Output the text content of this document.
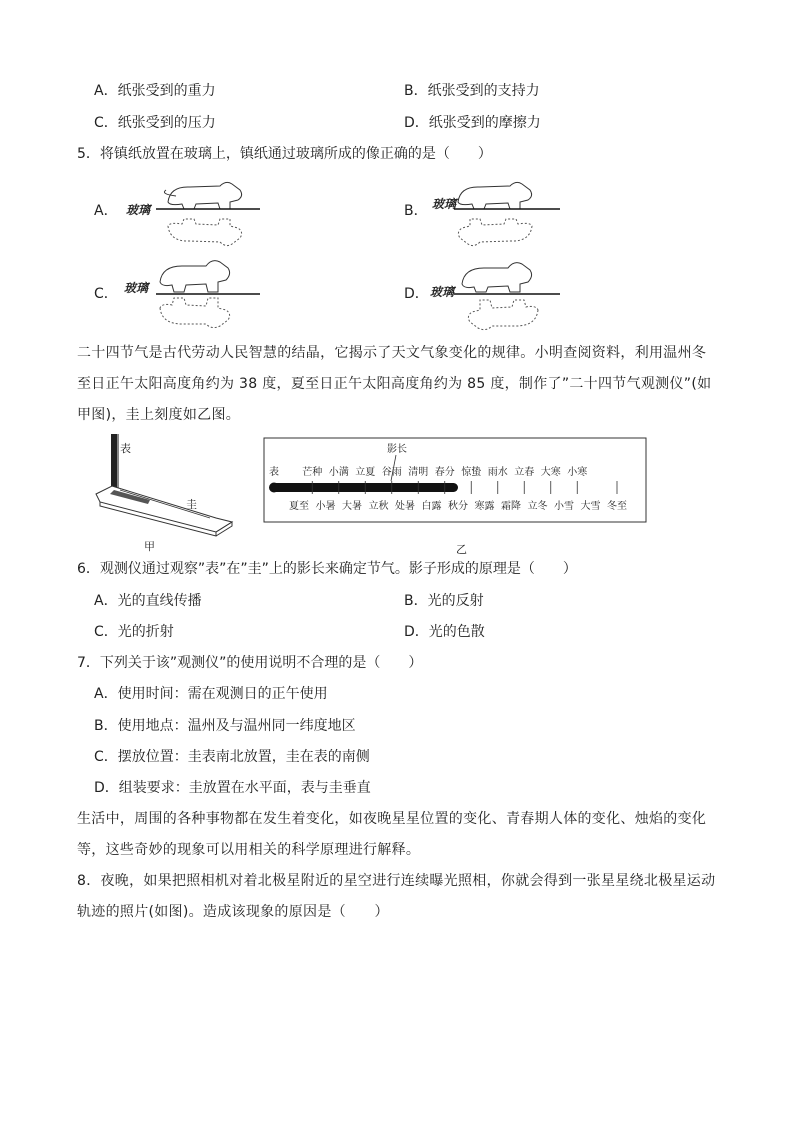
A．纸张受到的重力	B．纸张受到的支持力
C．纸张受到的压力	D．纸张受到的摩擦力
5．将镇纸放置在玻璃上，镇纸通过玻璃所成的像正确的是（　　）
A． 玻璃	B． 玻璃
C． 玻璃	D． 玻璃
二十四节气是古代劳动人民智慧的结晶，它揭示了天文气象变化的规律。小明查阅资料，利用温州冬至日正午太阳高度角约为 38 度，夏至日正午太阳高度角约为 85 度，制作了”二十四节气观测仪”(如甲图)，圭上刻度如乙图。
表
圭
甲
影长
表 芒种 小满 立夏 谷雨 清明 春分 惊蛰 雨水 立春 大寒 小寒
夏至 小暑 大暑 立秋 处暑 白露 秋分 寒露 霜降 立冬 小雪 大雪 冬至
乙
6．观测仪通过观察”表”在”圭”上的影长来确定节气。影子形成的原理是（　　）
A．光的直线传播	B．光的反射
C．光的折射	D．光的色散
7．下列关于该”观测仪”的使用说明不合理的是（　　）
A．使用时间：需在观测日的正午使用
B．使用地点：温州及与温州同一纬度地区
C．摆放位置：圭表南北放置，圭在表的南侧
D．组装要求：圭放置在水平面，表与圭垂直
生活中，周围的各种事物都在发生着变化，如夜晚星星位置的变化、青春期人体的变化、烛焰的变化等，这些奇妙的现象可以用相关的科学原理进行解释。
8．夜晚，如果把照相机对着北极星附近的星空进行连续曝光照相，你就会得到一张星星绕北极星运动轨迹的照片(如图)。造成该现象的原因是（　　）
